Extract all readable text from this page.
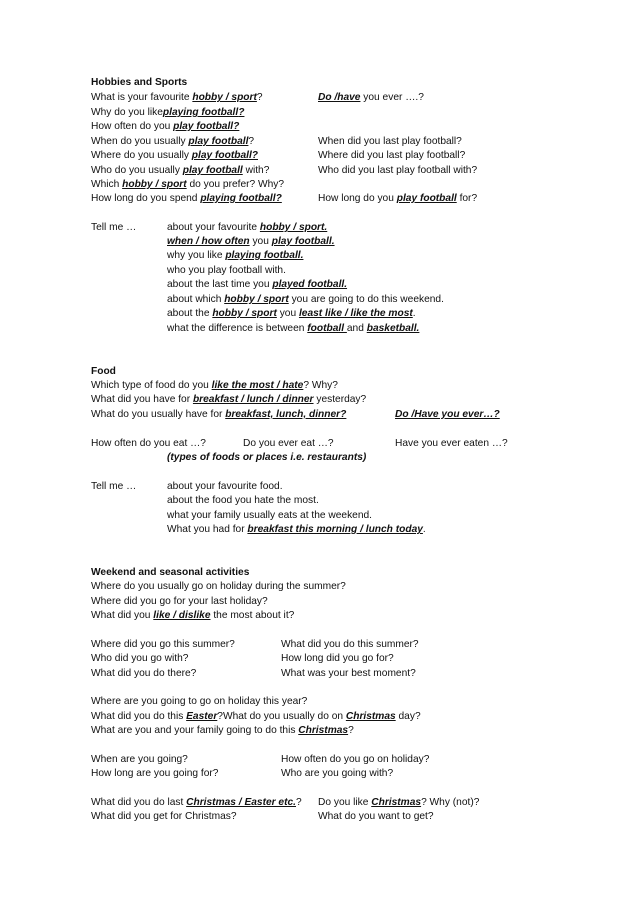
Hobbies and Sports
What is your favourite hobby / sport?	Do /have you ever ….?
Why do you likeplaying football?
How often do you play football?
When do you usually play football?	When did you last play football?
Where do you usually play football?	Where did you last play football?
Who do you usually play football with?	Who did you last play football with?
Which hobby / sport do you prefer? Why?
How long do you spend playing football?	How long do you play football for?
Tell me …	about your favourite hobby / sport.
when / how often you play football.
why you like playing football.
who you play football with.
about the last time you played football.
about which hobby / sport you are going to do this weekend.
about the hobby / sport you least like / like the most.
what the difference is between football and basketball.
Food
Which type of food do you like the most / hate? Why?
What did you have for breakfast / lunch / dinner yesterday?
What do you usually have for breakfast, lunch, dinner?	Do /Have you ever…?
How often do you eat …?	Do you ever eat …?	Have you ever eaten …?
(types of foods or places i.e. restaurants)
Tell me …	about your favourite food.
about the food you hate the most.
what your family usually eats at the weekend.
What you had for breakfast this morning / lunch today.
Weekend and seasonal activities
Where do you usually go on holiday during the summer?
Where did you go for your last holiday?
What did you like / dislike the most about it?
Where did you go this summer?	What did you do this summer?
Who did you go with?	How long did you go for?
What did you do there?	What was your best moment?
Where are you going to go on holiday this year?
What did you do this Easter?What do you usually do on Christmas day?
What are you and your family going to do this Christmas?
When are you going?	How often do you go on holiday?
How long are you going for?	Who are you going with?
What did you do last Christmas / Easter etc.? Do you like Christmas? Why (not)?
What did you get for Christmas?	What do you want to get?
